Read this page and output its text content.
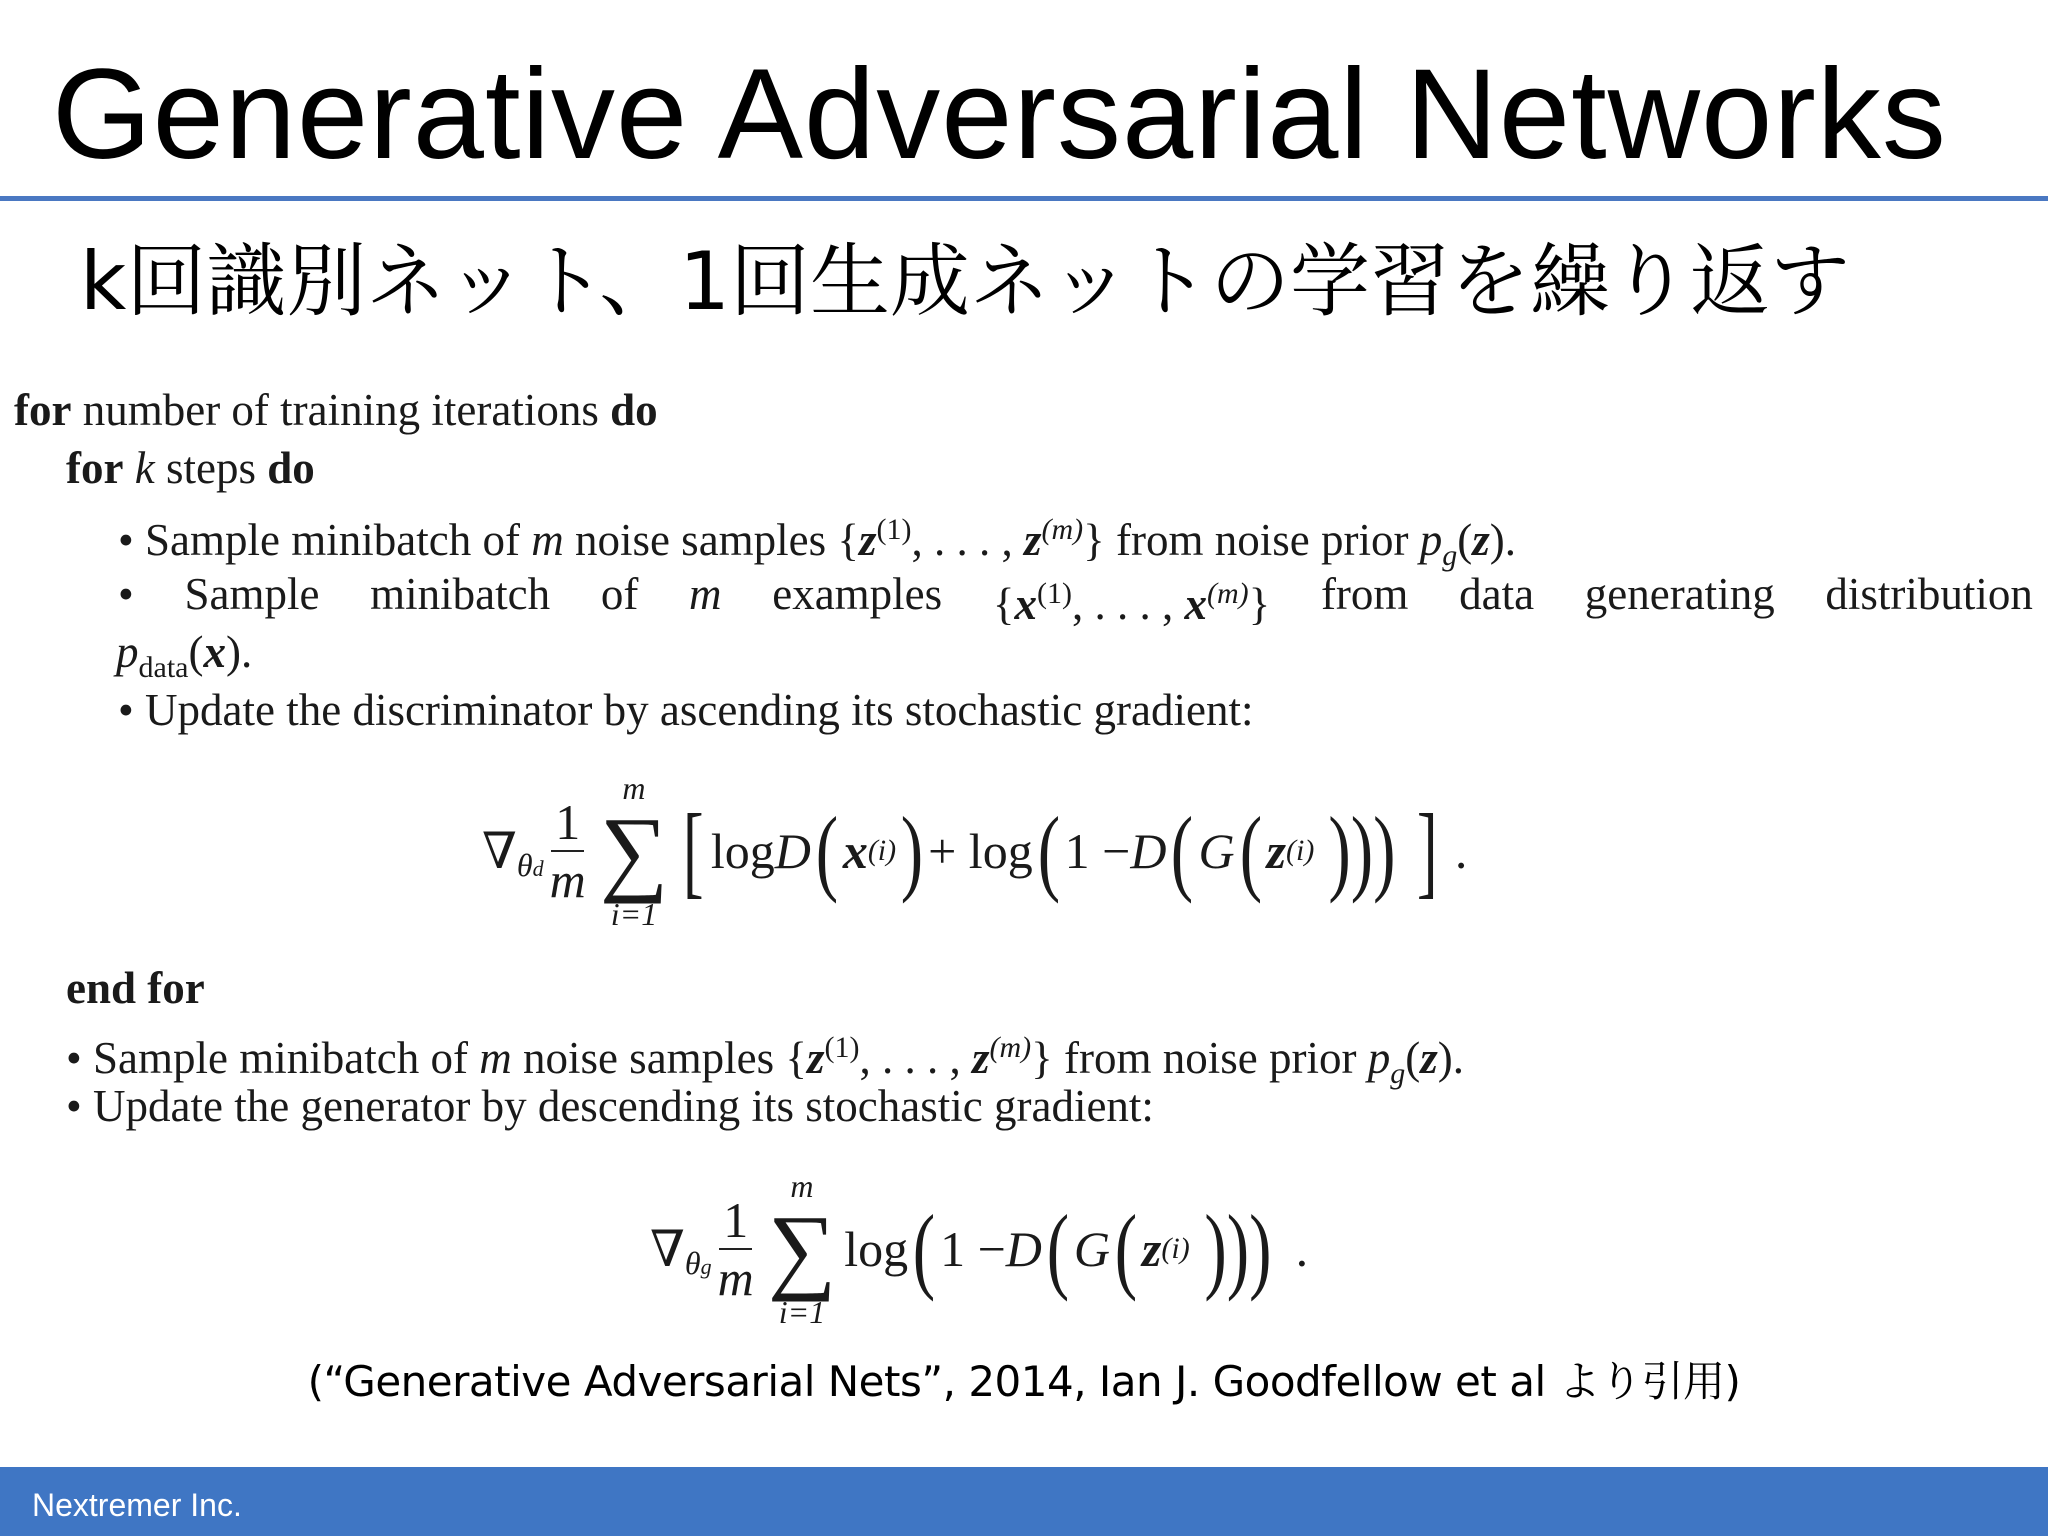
Generative Adversarial Networks
k回識別ネット、1回生成ネットの学習を繰り返す
for number of training iterations do
for k steps do
• Sample minibatch of m noise samples {$z^{(1)}$, . . . , $z^{(m)}$} from noise prior $p_g(z)$.
• Sample minibatch of m examples {$x^{(1)}$, . . . , $x^{(m)}$} from data generating distribution
$p_{data}(x)$.
• Update the discriminator by ascending its stochastic gradient:
∇ θd $\frac{1}{m}$
m
∑
i=1
[ log D ( x (i) ) + log ( 1 − D ( G ( z (i) ))) ] .
end for
• Sample minibatch of m noise samples {$z^{(1)}$, . . . , $z^{(m)}$} from noise prior $p_g(z)$.
• Update the generator by descending its stochastic gradient:
∇ θg $\frac{1}{m}$
m
∑
i=1
log ( 1 − D ( G ( z (i) ))) .
(“Generative Adversarial Nets”, 2014, Ian J. Goodfellow et al より引用)
Nextremer Inc.
